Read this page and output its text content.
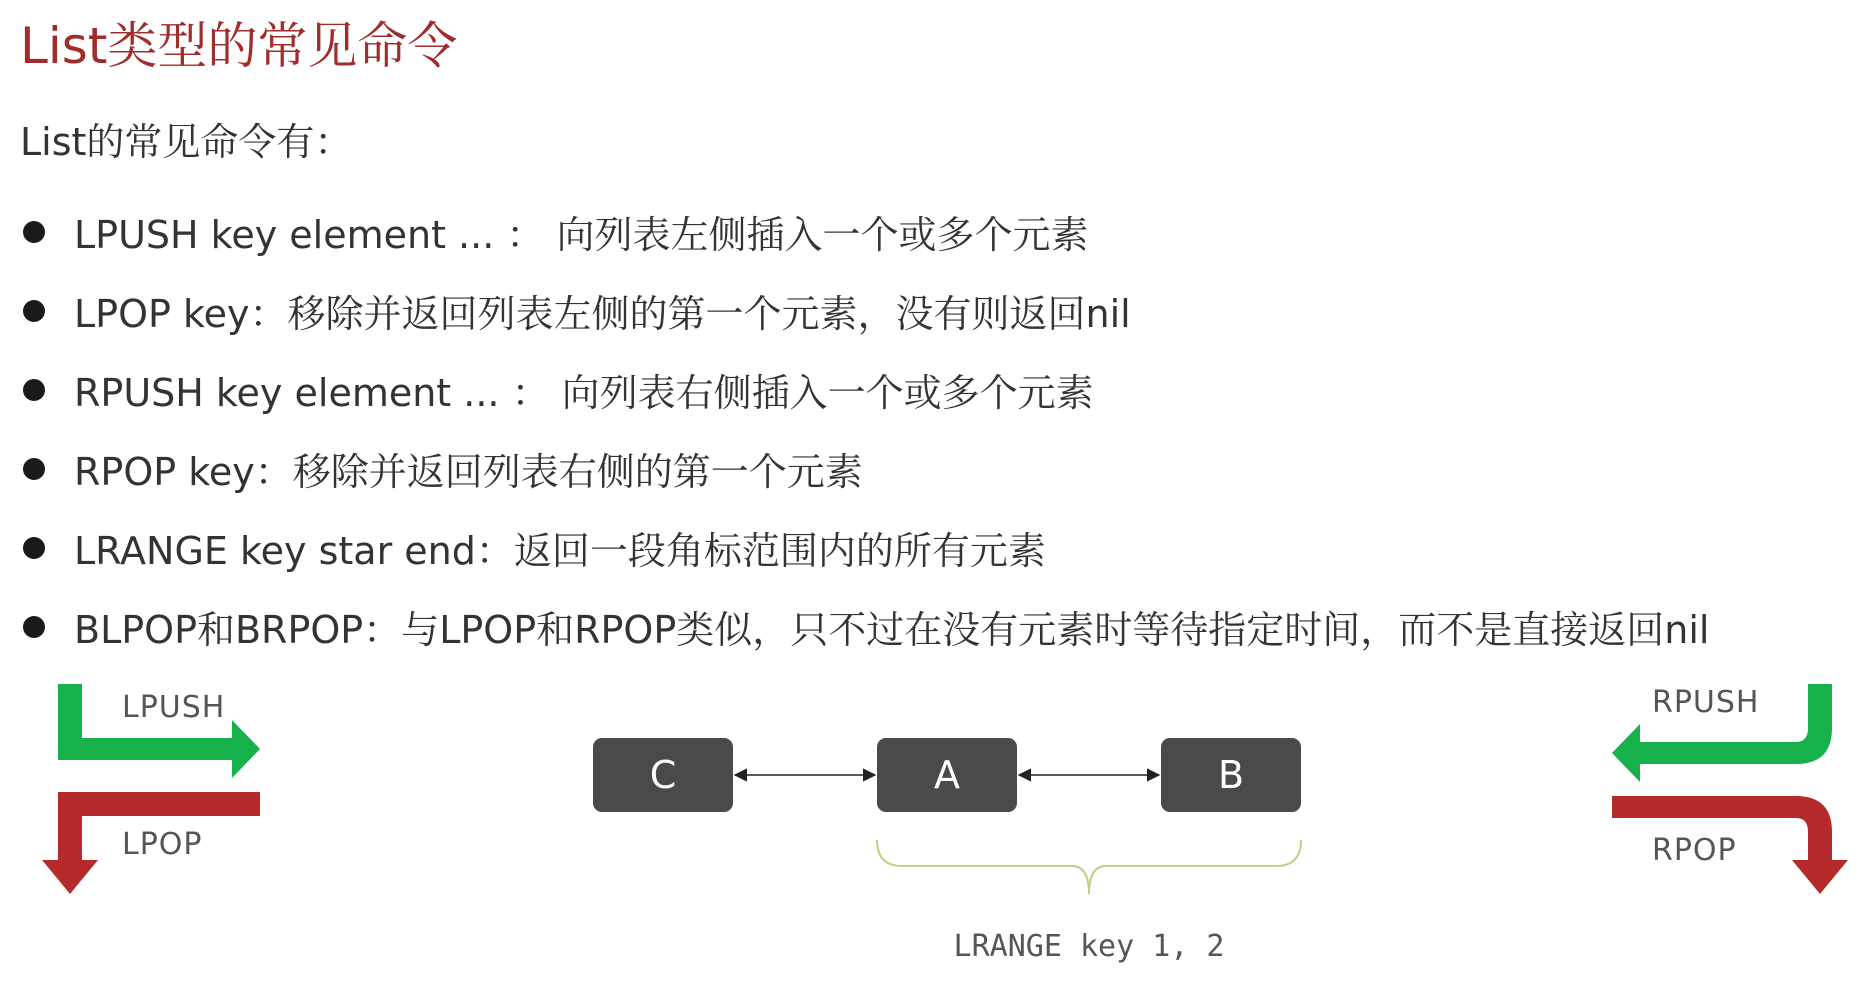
List类型的常见命令
List的常见命令有：
LPUSH key element ... ： 向列表左侧插入一个或多个元素
LPOP key：移除并返回列表左侧的第一个元素，没有则返回nil
RPUSH key element ... ： 向列表右侧插入一个或多个元素
RPOP key：移除并返回列表右侧的第一个元素
LRANGE key star end：返回一段角标范围内的所有元素
BLPOP和BRPOP：与LPOP和RPOP类似，只不过在没有元素时等待指定时间，而不是直接返回nil
LPUSH
LPOP
RPUSH
RPOP
C	A	B
LRANGE key 1, 2
